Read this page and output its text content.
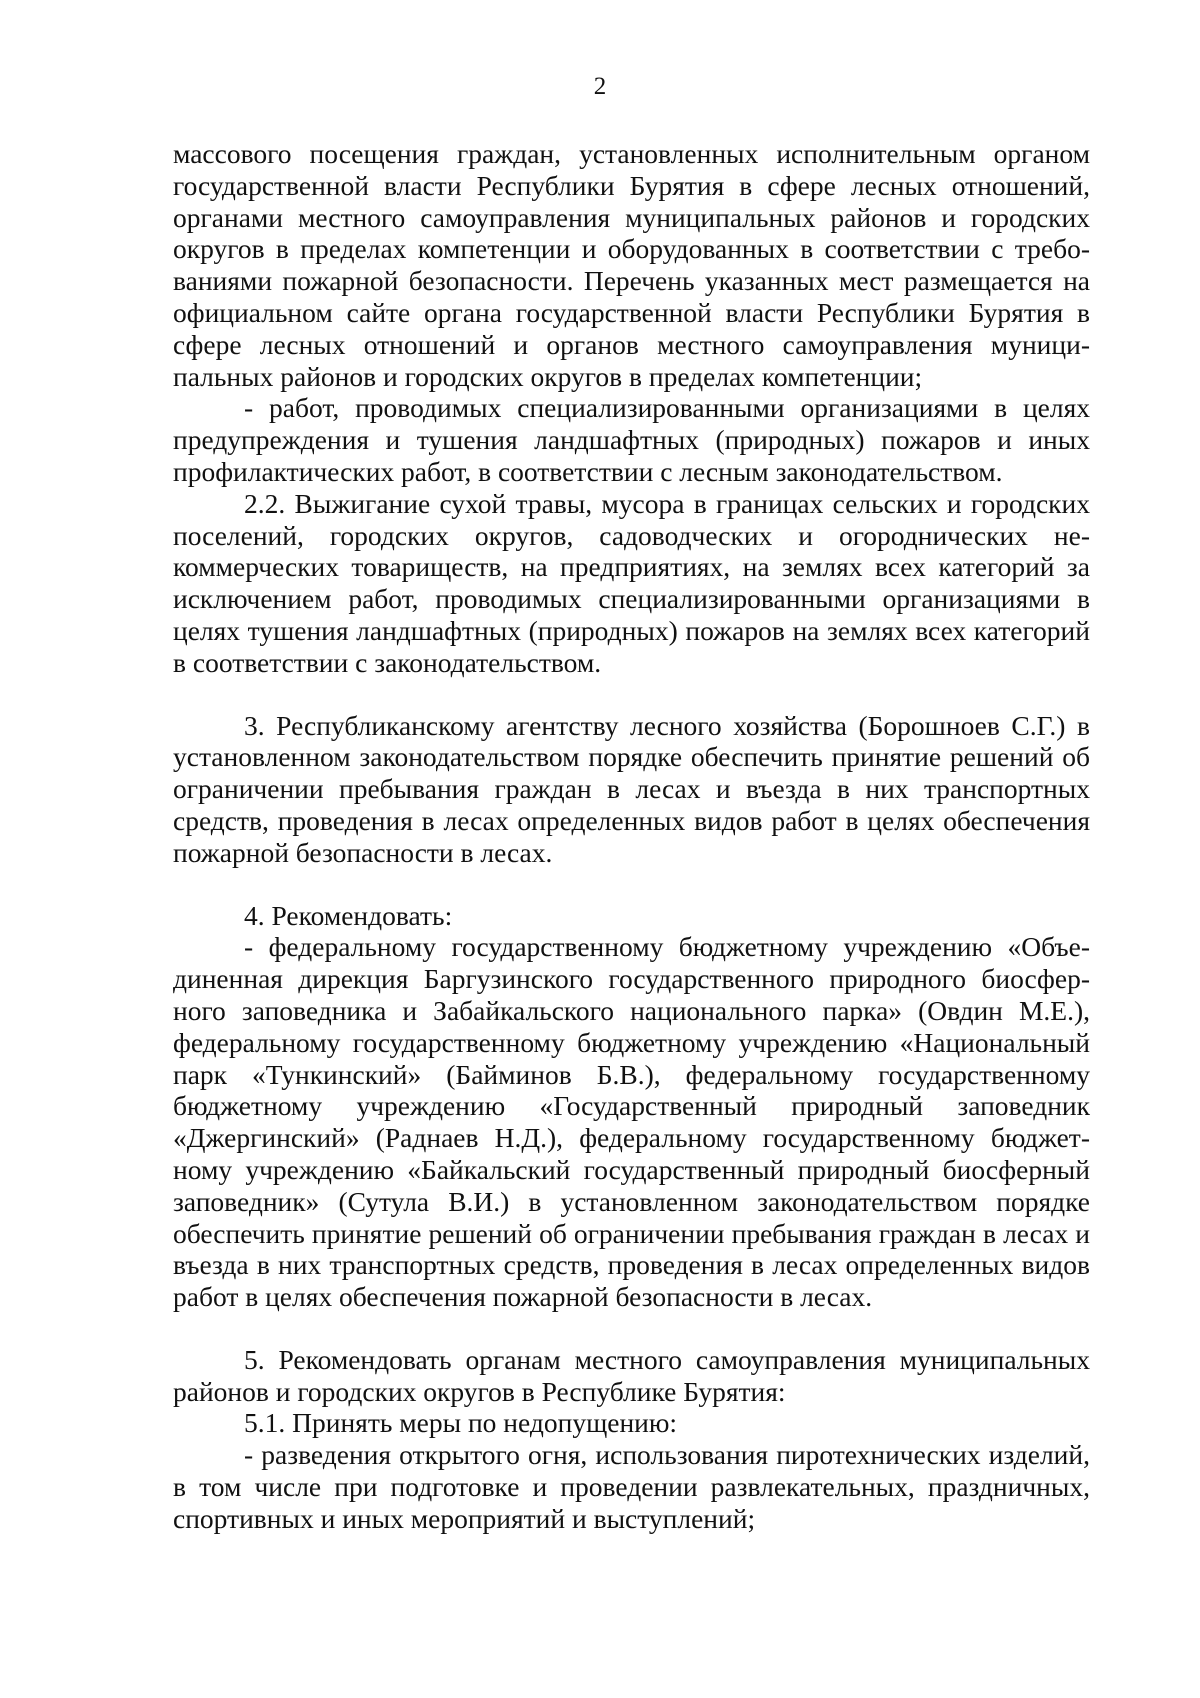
2

массового посещения граждан, установленных исполнительным органом государственной власти Республики Бурятия в сфере лесных отношений, органами местного самоуправления муниципальных районов и городских округов в пределах компетенции и оборудованных в соответствии с требованиями пожарной безопасности. Перечень указанных мест размещается на официальном сайте органа государственной власти Республики Бурятия в сфере лесных отношений и органов местного самоуправления муниципальных районов и городских округов в пределах компетенции;

- работ, проводимых специализированными организациями в целях предупреждения и тушения ландшафтных (природных) пожаров и иных профилактических работ, в соответствии с лесным законодательством.

2.2. Выжигание сухой травы, мусора в границах сельских и городских поселений, городских округов, садоводческих и огороднических некоммерческих товариществ, на предприятиях, на землях всех категорий за исключением работ, проводимых специализированными организациями в целях тушения ландшафтных (природных) пожаров на землях всех категорий в соответствии с законодательством.

3. Республиканскому агентству лесного хозяйства (Борошноев С.Г.) в установленном законодательством порядке обеспечить принятие решений об ограничении пребывания граждан в лесах и въезда в них транспортных средств, проведения в лесах определенных видов работ в целях обеспечения пожарной безопасности в лесах.

4. Рекомендовать:

- федеральному государственному бюджетному учреждению «Объединенная дирекция Баргузинского государственного природного биосферного заповедника и Забайкальского национального парка» (Овдин М.Е.), федеральному государственному бюджетному учреждению «Национальный парк «Тункинский» (Байминов Б.В.), федеральному государственному бюджетному учреждению «Государственный природный заповедник «Джергинский» (Раднаев Н.Д.), федеральному государственному бюджетному учреждению «Байкальский государственный природный биосферный заповедник» (Сутула В.И.) в установленном законодательством порядке обеспечить принятие решений об ограничении пребывания граждан в лесах и въезда в них транспортных средств, проведения в лесах определенных видов работ в целях обеспечения пожарной безопасности в лесах.

5. Рекомендовать органам местного самоуправления муниципальных районов и городских округов в Республике Бурятия:

5.1. Принять меры по недопущению:

- разведения открытого огня, использования пиротехнических изделий, в том числе при подготовке и проведении развлекательных, праздничных, спортивных и иных мероприятий и выступлений;
